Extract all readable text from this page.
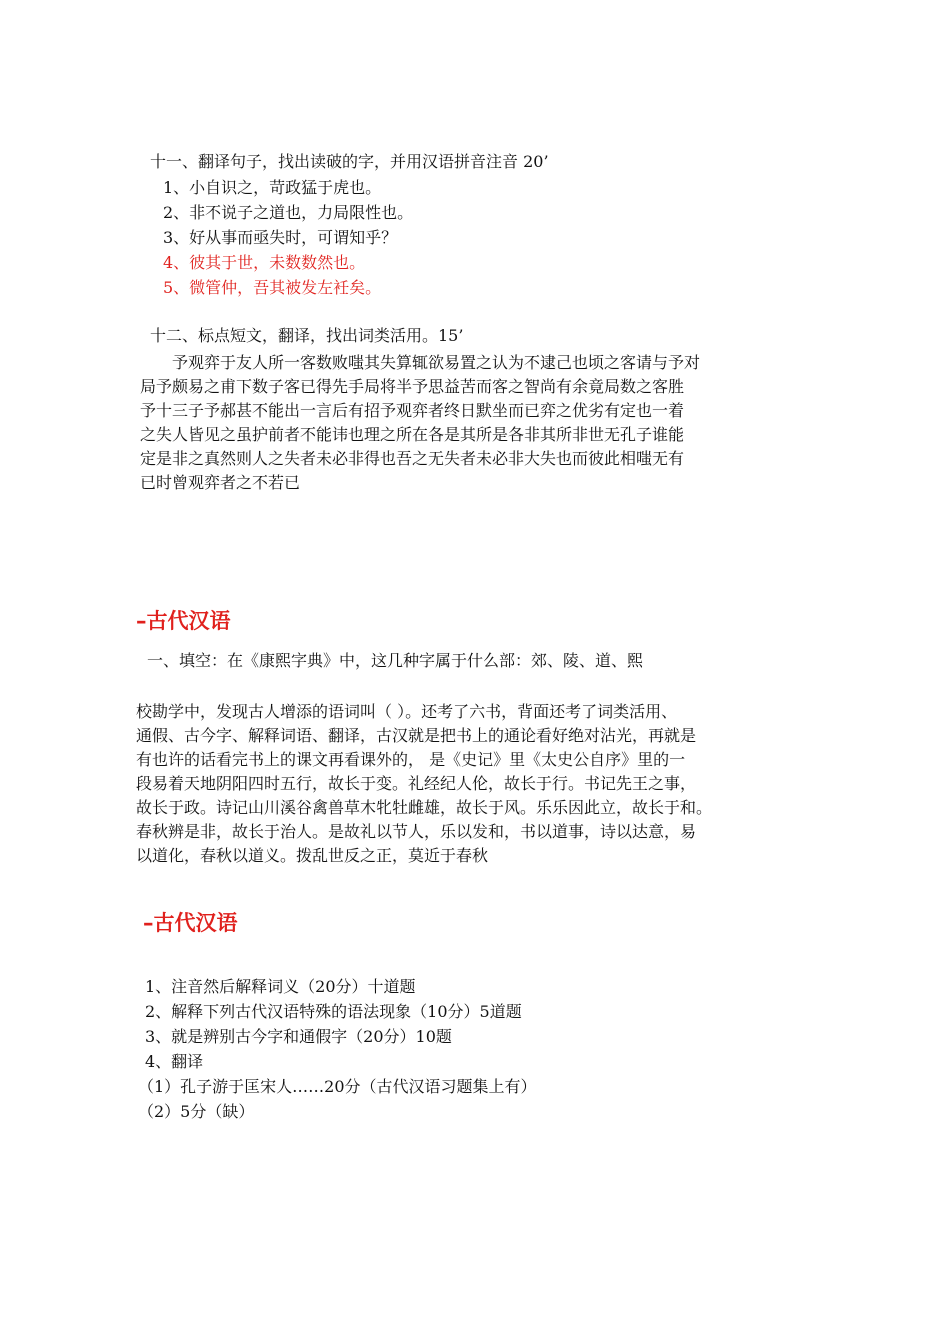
十一、翻译句子，找出读破的字，并用汉语拼音注音 20’
1、小自识之，苛政猛于虎也。
2、非不说子之道也，力局限性也。
3、好从事而亟失时，可谓知乎？
4、彼其于世，未数数然也。
5、微管仲，吾其被发左衽矣。
十二、标点短文，翻译，找出词类活用。15’
予观弈于友人所一客数败嗤其失算辄欲易置之认为不逮己也顷之客请与予对
局予颇易之甫下数子客已得先手局将半予思益苦而客之智尚有余竟局数之客胜
予十三子予郝甚不能出一言后有招予观弈者终日默坐而已弈之优劣有定也一着
之失人皆见之虽护前者不能讳也理之所在各是其所是各非其所非世无孔子谁能
定是非之真然则人之失者未必非得也吾之无失者未必非大失也而彼此相嗤无有
已时曾观弈者之不若已
–古代汉语
一、填空：在《康熙字典》中，这几种字属于什么部：郊、陵、道、熙
校勘学中，发现古人增添的语词叫（ ）。还考了六书，背面还考了词类活用、
通假、古今字、解释词语、翻译，古汉就是把书上的通论看好绝对沾光，再就是
有也许的话看完书上的课文再看课外的， 是《史记》里《太史公自序》里的一
段易着天地阴阳四时五行，故长于变。礼经纪人伦，故长于行。书记先王之事，
故长于政。诗记山川溪谷禽兽草木牝牡雌雄，故长于风。乐乐因此立，故长于和。
春秋辨是非，故长于治人。是故礼以节人，乐以发和，书以道事，诗以达意，易
以道化，春秋以道义。拨乱世反之正，莫近于春秋
–古代汉语
1、注音然后解释词义（20分）十道题
2、解释下列古代汉语特殊的语法现象（10分）5道题
3、就是辨别古今字和通假字（20分）10题
4、翻译
（1）孔子游于匡宋人……20分（古代汉语习题集上有）
（2）5分（缺）
